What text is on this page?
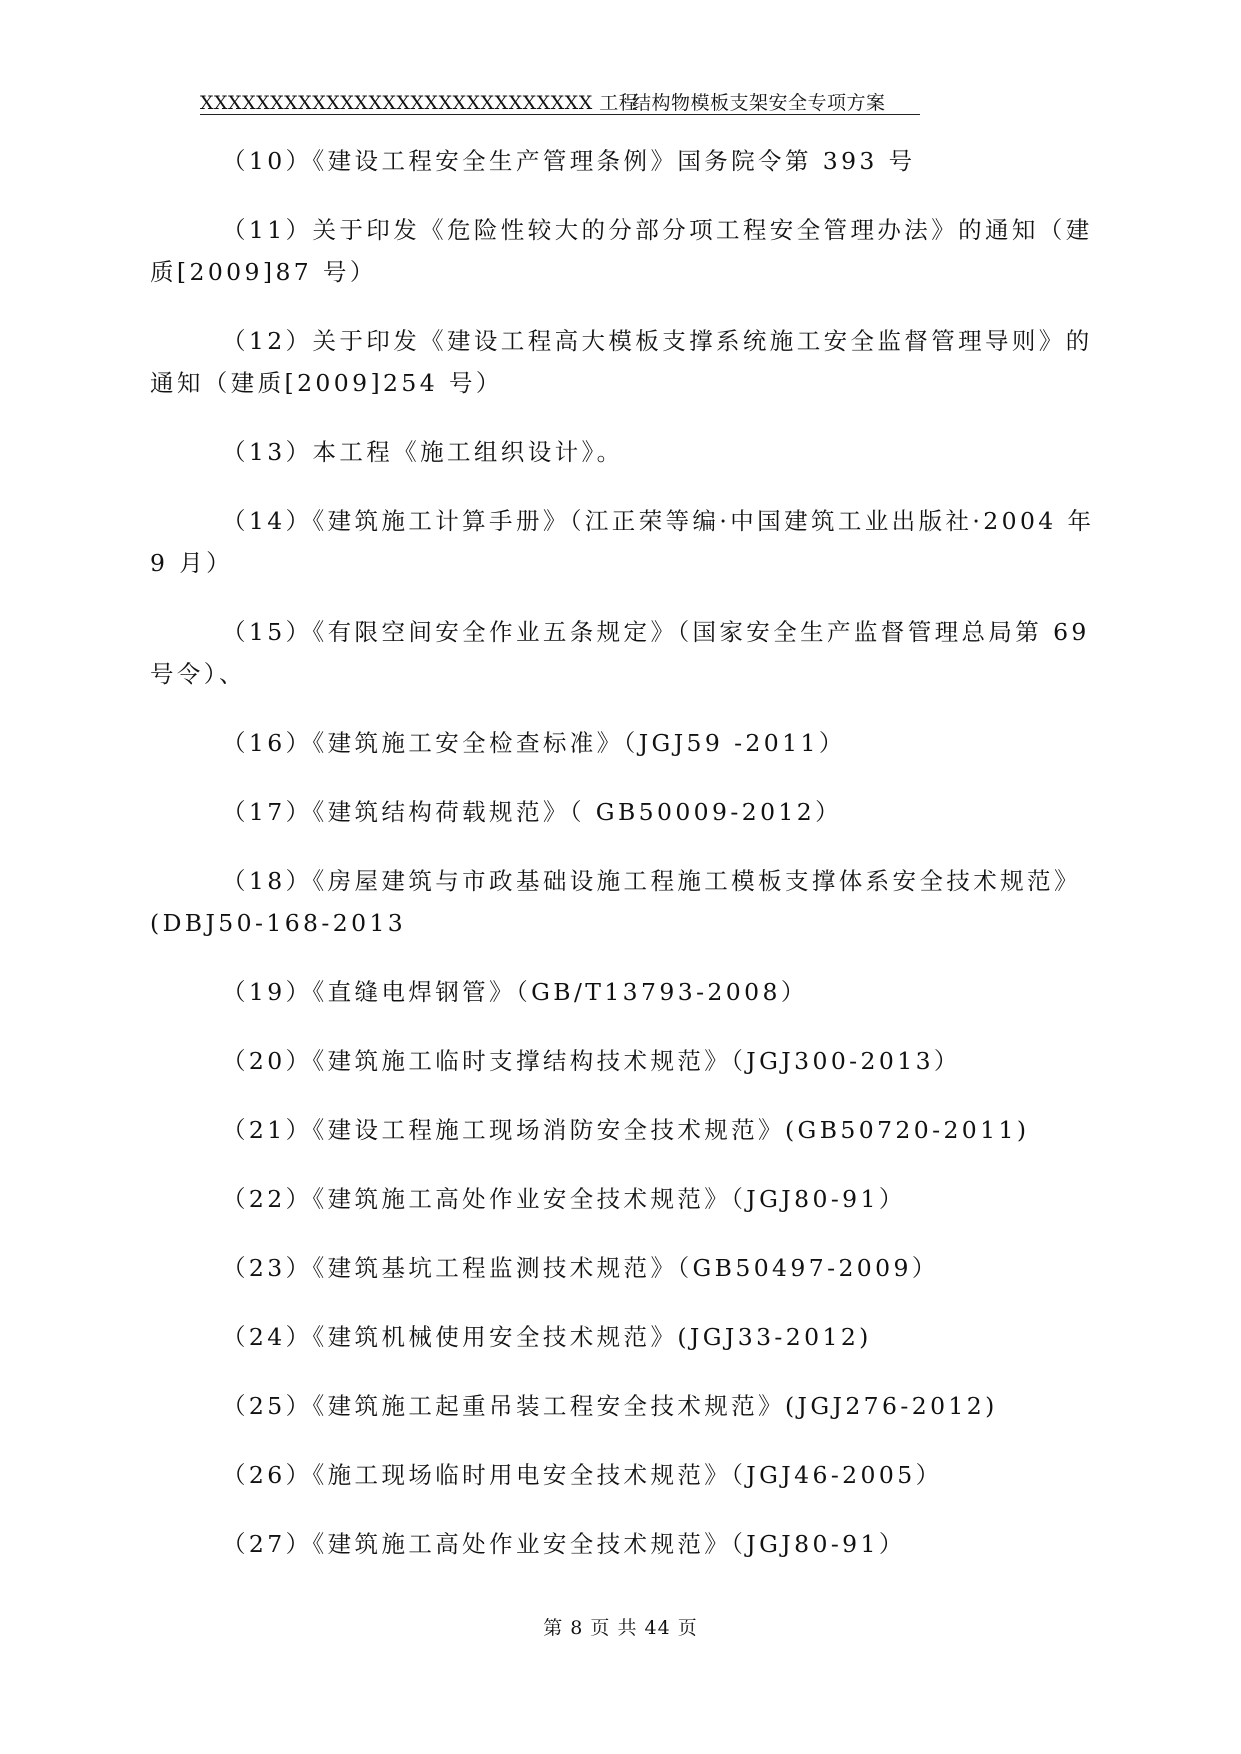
XXXXXXXXXXXXXXXXXXXXXXXXXXXX 工程
结构物模板支架安全专项方案

（10）《建设工程安全生产管理条例》国务院令第 393 号

（11）关于印发《危险性较大的分部分项工程安全管理办法》的通知（建质[2009]87 号）

（12）关于印发《建设工程高大模板支撑系统施工安全监督管理导则》的通知（建质[2009]254 号）

（13）本工程《施工组织设计》。

（14）《建筑施工计算手册》（江正荣等编·中国建筑工业出版社·2004 年 9 月）

（15）《有限空间安全作业五条规定》（国家安全生产监督管理总局第 69 号令）、

（16）《建筑施工安全检查标准》（JGJ59 -2011）

（17）《建筑结构荷载规范》（ GB50009-2012）

（18）《房屋建筑与市政基础设施工程施工模板支撑体系安全技术规范》(DBJ50-168-2013

（19）《直缝电焊钢管》（GB/T13793-2008）

（20）《建筑施工临时支撑结构技术规范》（JGJ300-2013）

（21）《建设工程施工现场消防安全技术规范》(GB50720-2011)

（22）《建筑施工高处作业安全技术规范》（JGJ80-91）

（23）《建筑基坑工程监测技术规范》（GB50497-2009）

（24）《建筑机械使用安全技术规范》(JGJ33-2012)

（25）《建筑施工起重吊装工程安全技术规范》(JGJ276-2012)

（26）《施工现场临时用电安全技术规范》（JGJ46-2005）

（27）《建筑施工高处作业安全技术规范》（JGJ80-91）

第 8 页 共 44 页
